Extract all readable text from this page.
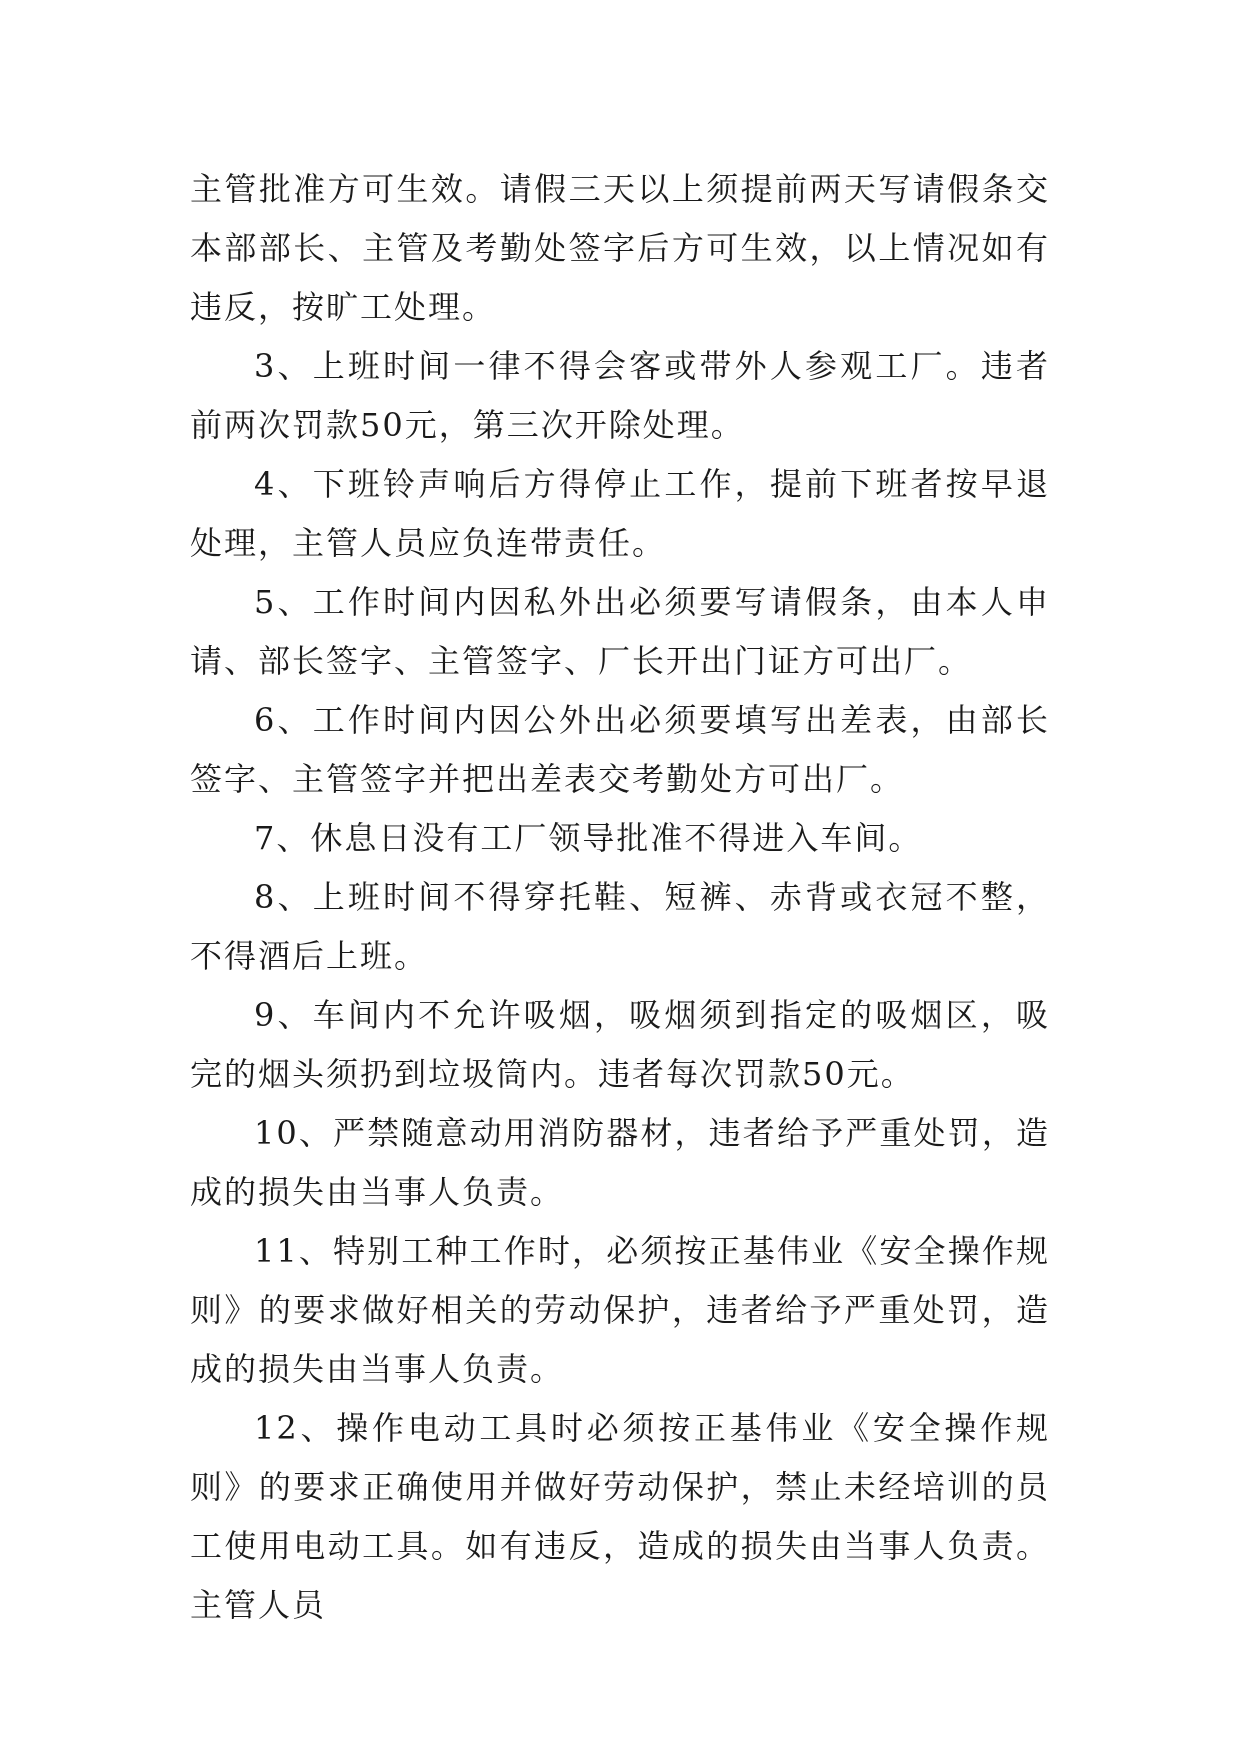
主管批准方可生效。请假三天以上须提前两天写请假条交本部部长、主管及考勤处签字后方可生效，以上情况如有违反，按旷工处理。

3、上班时间一律不得会客或带外人参观工厂。违者前两次罚款50元，第三次开除处理。

4、下班铃声响后方得停止工作，提前下班者按早退处理，主管人员应负连带责任。

5、工作时间内因私外出必须要写请假条，由本人申请、部长签字、主管签字、厂长开出门证方可出厂。

6、工作时间内因公外出必须要填写出差表，由部长签字、主管签字并把出差表交考勤处方可出厂。

7、休息日没有工厂领导批准不得进入车间。

8、上班时间不得穿托鞋、短裤、赤背或衣冠不整，不得酒后上班。

9、车间内不允许吸烟，吸烟须到指定的吸烟区，吸完的烟头须扔到垃圾筒内。违者每次罚款50元。

10、严禁随意动用消防器材，违者给予严重处罚，造成的损失由当事人负责。

11、特别工种工作时，必须按正基伟业《安全操作规则》的要求做好相关的劳动保护，违者给予严重处罚，造成的损失由当事人负责。

12、操作电动工具时必须按正基伟业《安全操作规则》的要求正确使用并做好劳动保护，禁止未经培训的员工使用电动工具。如有违反，造成的损失由当事人负责。主管人员
